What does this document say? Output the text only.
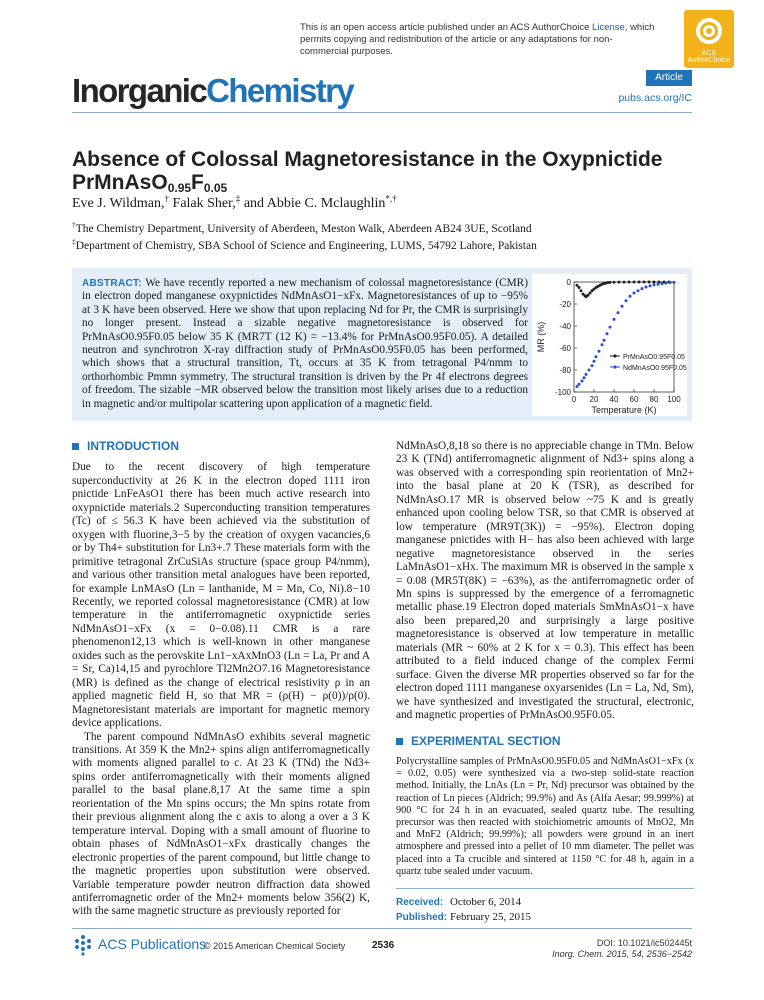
This is an open access article published under an ACS AuthorChoice License, which permits copying and redistribution of the article or any adaptations for non-commercial purposes.	ACS AuthorChoice
InorganicChemistry	Article
pubs.acs.org/IC
Absence of Colossal Magnetoresistance in the Oxypnictide $PrMnAsO_{0.95}F_{0.05}$
Eve J. Wildman,† Falak Sher,‡ and Abbie C. Mclaughlin*,†
†The Chemistry Department, University of Aberdeen, Meston Walk, Aberdeen AB24 3UE, Scotland
‡Department of Chemistry, SBA School of Science and Engineering, LUMS, 54792 Lahore, Pakistan
ABSTRACT: We have recently reported a new mechanism of colossal magnetoresistance (CMR) in electron doped manganese oxypnictides NdMnAsO1−xFx. Magnetoresistances of up to −95% at 3 K have been observed. Here we show that upon replacing Nd for Pr, the CMR is surprisingly no longer present. Instead a sizable negative magnetoresistance is observed for PrMnAsO0.95F0.05 below 35 K (MR7T (12 K) = −13.4% for PrMnAsO0.95F0.05). A detailed neutron and synchrotron X-ray diffraction study of PrMnAsO0.95F0.05 has been performed, which shows that a structural transition, Tt, occurs at 35 K from tetragonal P4/nmm to orthorhombic Pmmn symmetry. The structural transition is driven by the Pr 4f electrons degrees of freedom. The sizable −MR observed below the transition most likely arises due to a reduction in magnetic and/or multipolar scattering upon application of a magnetic field.
0
-20
-40
-60
-80
-100
0 20 40 60 80 100
Temperature (K)
MR (%)
PrMnAsO0.95F0.05
NdMnAsO0.95F0.05
INTRODUCTION

Due to the recent discovery of high temperature superconductivity at 26 K in the electron doped 1111 iron pnictide LnFeAsO1 there has been much active research into oxypnictide materials.2 Superconducting transition temperatures (Tc) of ≤ 56.3 K have been achieved via the substitution of oxygen with fluorine,3−5 by the creation of oxygen vacancies,6 or by Th4+ substitution for Ln3+.7 These materials form with the primitive tetragonal ZrCuSiAs structure (space group P4/nmm), and various other transition metal analogues have been reported, for example LnMAsO (Ln = lanthanide, M = Mn, Co, Ni).8−10 Recently, we reported colossal magnetoresistance (CMR) at low temperature in the antiferromagnetic oxypnictide series NdMnAsO1−xFx (x = 0−0.08).11 CMR is a rare phenomenon12,13 which is well-known in other manganese oxides such as the perovskite Ln1−xAxMnO3 (Ln = La, Pr and A = Sr, Ca)14,15 and pyrochlore Tl2Mn2O7.16 Magnetoresistance (MR) is defined as the change of electrical resistivity ρ in an applied magnetic field H, so that MR = (ρ(H) − ρ(0))/ρ(0). Magnetoresistant materials are important for magnetic memory device applications.

The parent compound NdMnAsO exhibits several magnetic transitions. At 359 K the Mn2+ spins align antiferromagnetically with moments aligned parallel to c. At 23 K (TNd) the Nd3+ spins order antiferromagnetically with their moments aligned parallel to the basal plane.8,17 At the same time a spin reorientation of the Mn spins occurs; the Mn spins rotate from their previous alignment along the c axis to along a over a 3 K temperature interval. Doping with a small amount of fluorine to obtain phases of NdMnAsO1−xFx drastically changes the electronic properties of the parent compound, but little change to the magnetic properties upon substitution were observed. Variable temperature powder neutron diffraction data showed antiferromagnetic order of the Mn2+ moments below 356(2) K, with the same magnetic structure as previously reported for

NdMnAsO,8,18 so there is no appreciable change in TMn. Below 23 K (TNd) antiferromagnetic alignment of Nd3+ spins along a was observed with a corresponding spin reorientation of Mn2+ into the basal plane at 20 K (TSR), as described for NdMnAsO.17 MR is observed below ~75 K and is greatly enhanced upon cooling below TSR, so that CMR is observed at low temperature (MR9T(3K)) = −95%). Electron doping manganese pnictides with H− has also been achieved with large negative magnetoresistance observed in the series LaMnAsO1−xHx. The maximum MR is observed in the sample x = 0.08 (MR5T(8K) = −63%), as the antiferromagnetic order of Mn spins is suppressed by the emergence of a ferromagnetic metallic phase.19 Electron doped materials SmMnAsO1−x have also been prepared,20 and surprisingly a large positive magnetoresistance is observed at low temperature in metallic materials (MR ~ 60% at 2 K for x = 0.3). This effect has been attributed to a field induced change of the complex Fermi surface. Given the diverse MR properties observed so far for the electron doped 1111 manganese oxyarsenides (Ln = La, Nd, Sm), we have synthesized and investigated the structural, electronic, and magnetic properties of PrMnAsO0.95F0.05.

EXPERIMENTAL SECTION

Polycrystalline samples of PrMnAsO0.95F0.05 and NdMnAsO1−xFx (x = 0.02, 0.05) were synthesized via a two-step solid-state reaction method. Initially, the LnAs (Ln = Pr, Nd) precursor was obtained by the reaction of Ln pieces (Aldrich; 99.9%) and As (Alfa Aesar; 99.999%) at 900 °C for 24 h in an evacuated, sealed quartz tube. The resulting precursor was then reacted with stoichiometric amounts of MnO2, Mn and MnF2 (Aldrich; 99.99%); all powders were ground in an inert atmosphere and pressed into a pellet of 10 mm diameter. The pellet was placed into a Ta crucible and sintered at 1150 °C for 48 h, again in a quartz tube sealed under vacuum.

Received: October 6, 2014
Published: February 25, 2015
ACS Publications
© 2015 American Chemical Society	2536	DOI: 10.1021/ic502445t
Inorg. Chem. 2015, 54, 2536−2542
